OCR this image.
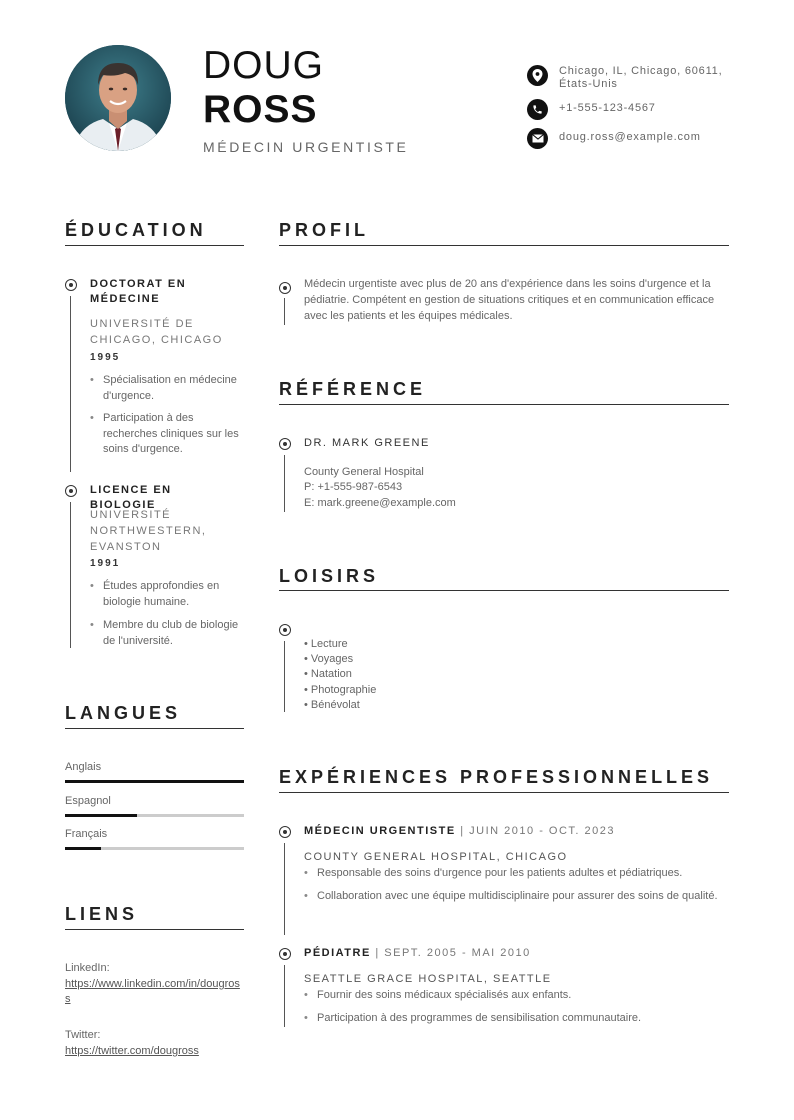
DOUG
ROSS
MÉDECIN URGENTISTE
Chicago, IL, Chicago, 60611, États-Unis
+1-555-123-4567
doug.ross@example.com
ÉDUCATION
DOCTORAT EN MÉDECINE
UNIVERSITÉ DE CHICAGO, CHICAGO
1995
• Spécialisation en médecine d'urgence.
• Participation à des recherches cliniques sur les soins d'urgence.
LICENCE EN BIOLOGIE
UNIVERSITÉ NORTHWESTERN, EVANSTON
1991
• Études approfondies en biologie humaine.
• Membre du club de biologie de l'université.
LANGUES
Anglais
Espagnol
Français
LIENS
LinkedIn:
https://www.linkedin.com/in/dougross
Twitter:
https://twitter.com/dougross
PROFIL
Médecin urgentiste avec plus de 20 ans d'expérience dans les soins d'urgence et la pédiatrie. Compétent en gestion de situations critiques et en communication efficace avec les patients et les équipes médicales.
RÉFÉRENCE
DR. MARK GREENE
County General Hospital
P: +1-555-987-6543
E: mark.greene@example.com
LOISIRS
• Lecture
• Voyages
• Natation
• Photographie
• Bénévolat
EXPÉRIENCES PROFESSIONNELLES
MÉDECIN URGENTISTE | JUIN 2010 - OCT. 2023
COUNTY GENERAL HOSPITAL, CHICAGO
• Responsable des soins d'urgence pour les patients adultes et pédiatriques.
• Collaboration avec une équipe multidisciplinaire pour assurer des soins de qualité.
PÉDIATRE | SEPT. 2005 - MAI 2010
SEATTLE GRACE HOSPITAL, SEATTLE
• Fournir des soins médicaux spécialisés aux enfants.
• Participation à des programmes de sensibilisation communautaire.
